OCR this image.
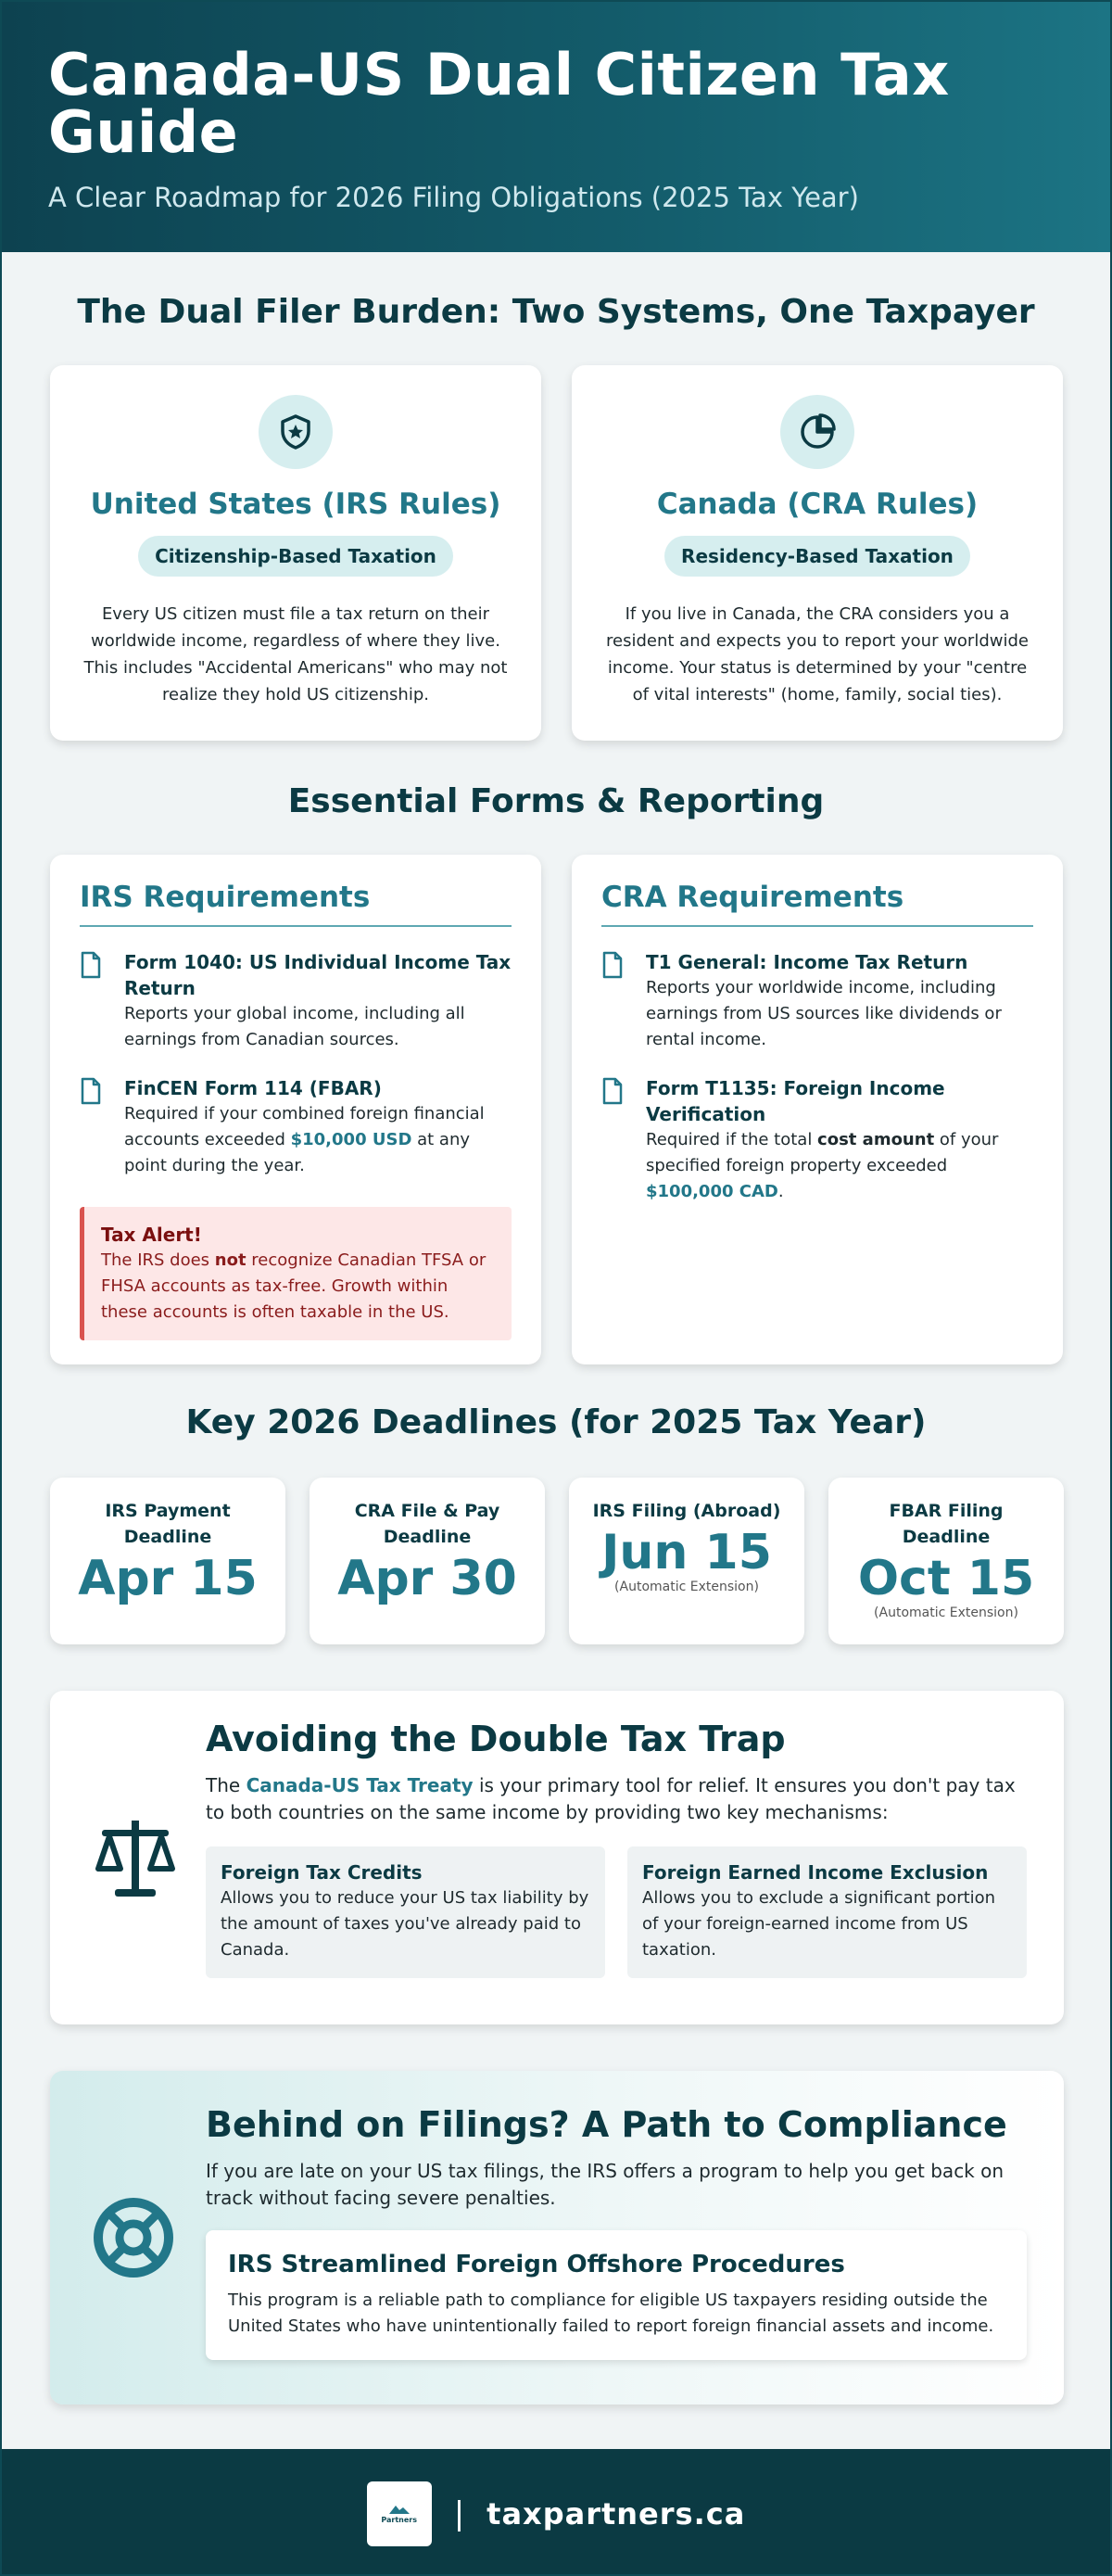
Canada-US Dual Citizen Tax Guide
A Clear Roadmap for 2026 Filing Obligations (2025 Tax Year)
The Dual Filer Burden: Two Systems, One Taxpayer
United States (IRS Rules)
Citizenship-Based Taxation

Every US citizen must file a tax return on their worldwide income, regardless of where they live. This includes "Accidental Americans" who may not realize they hold US citizenship.

Canada (CRA Rules)
Residency-Based Taxation

If you live in Canada, the CRA considers you a resident and expects you to report your worldwide income. Your status is determined by your "centre of vital interests" (home, family, social ties).

Essential Forms & Reporting
IRS Requirements
Form 1040: US Individual Income Tax Return
Reports your global income, including all earnings from Canadian sources.
FinCEN Form 114 (FBAR)
Required if your combined foreign financial accounts exceeded $10,000 USD at any point during the year.
Tax Alert!
The IRS does not recognize Canadian TFSA or FHSA accounts as tax-free. Growth within these accounts is often taxable in the US.
CRA Requirements
T1 General: Income Tax Return
Reports your worldwide income, including earnings from US sources like dividends or rental income.
Form T1135: Foreign Income Verification
Required if the total cost amount of your specified foreign property exceeded $100,000 CAD.
Key 2026 Deadlines (for 2025 Tax Year)
IRS Payment Deadline
Apr 15
CRA File & Pay Deadline
Apr 30
IRS Filing (Abroad)
Jun 15
(Automatic Extension)
FBAR Filing Deadline
Oct 15
(Automatic Extension)
Avoiding the Double Tax Trap
The Canada-US Tax Treaty is your primary tool for relief. It ensures you don't pay tax to both countries on the same income by providing two key mechanisms:
Foreign Tax Credits
Allows you to reduce your US tax liability by the amount of taxes you've already paid to Canada.
Foreign Earned Income Exclusion
Allows you to exclude a significant portion of your foreign-earned income from US taxation.
Behind on Filings? A Path to Compliance
If you are late on your US tax filings, the IRS offers a program to help you get back on track without facing severe penalties.
IRS Streamlined Foreign Offshore Procedures
This program is a reliable path to compliance for eligible US taxpayers residing outside the United States who have unintentionally failed to report foreign financial assets and income.
Partners | taxpartners.ca
